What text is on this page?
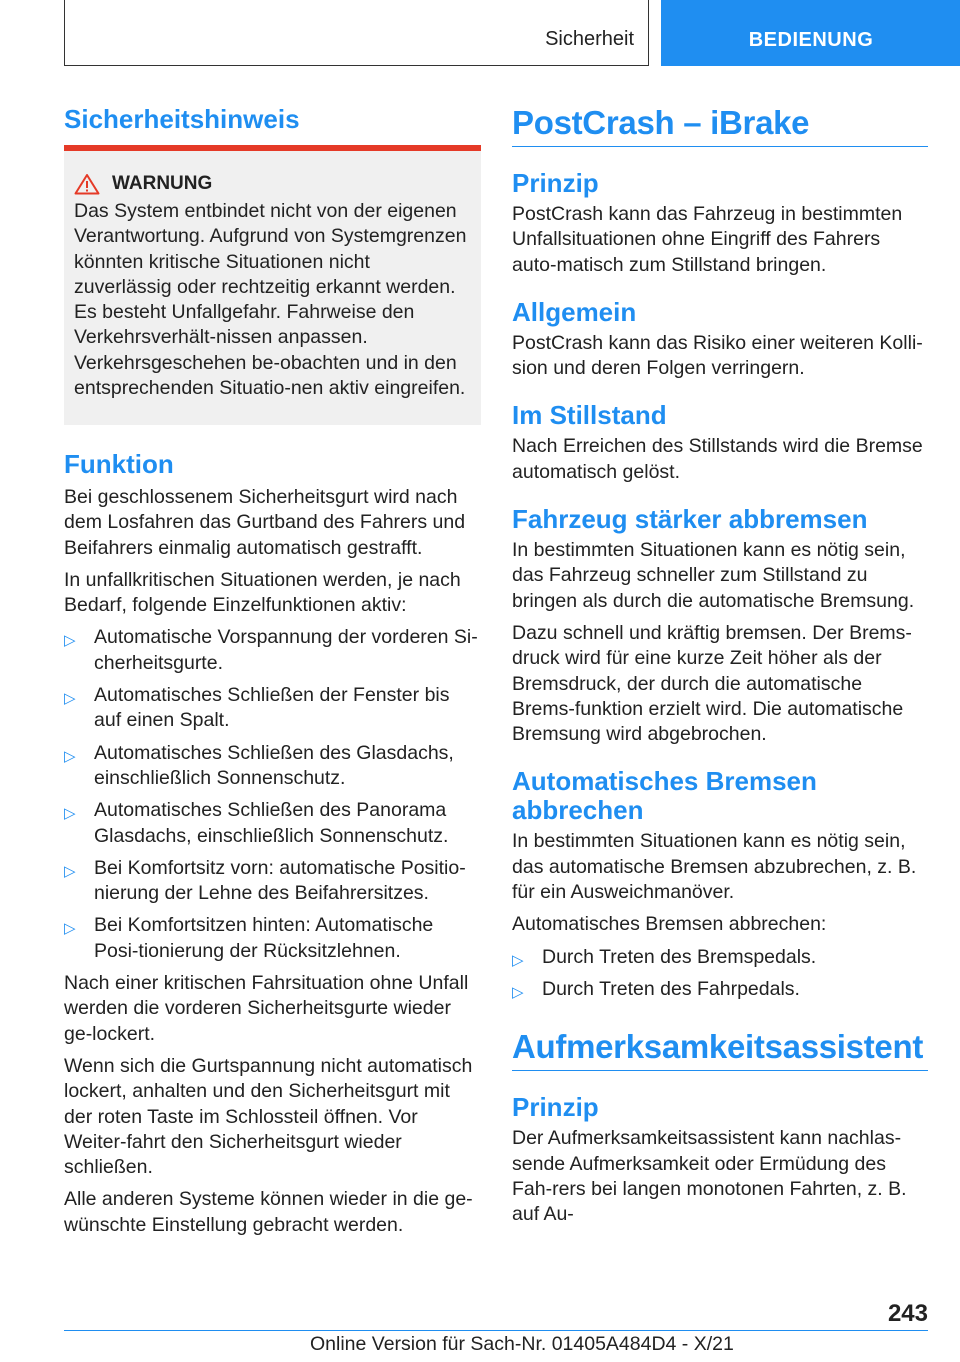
Sicherheit	BEDIENUNG
Sicherheitshinweis
WARNUNG
Das System entbindet nicht von der eigenen Verantwortung. Aufgrund von Systemgrenzen könnten kritische Situationen nicht zuverlässig oder rechtzeitig erkannt werden. Es besteht Unfallgefahr. Fahrweise den Verkehrsverhält-nissen anpassen. Verkehrsgeschehen be-obachten und in den entsprechenden Situatio-nen aktiv eingreifen.
Funktion

Bei geschlossenem Sicherheitsgurt wird nach dem Losfahren das Gurtband des Fahrers und Beifahrers einmalig automatisch gestrafft.

In unfallkritischen Situationen werden, je nach Bedarf, folgende Einzelfunktionen aktiv:

▷ Automatische Vorspannung der vorderen Si-cherheitsgurte.
▷ Automatisches Schließen der Fenster bis auf einen Spalt.
▷ Automatisches Schließen des Glasdachs, einschließlich Sonnenschutz.
▷ Automatisches Schließen des Panorama Glasdachs, einschließlich Sonnenschutz.
▷ Bei Komfortsitz vorn: automatische Positio-nierung der Lehne des Beifahrersitzes.
▷ Bei Komfortsitzen hinten: Automatische Posi-tionierung der Rücksitzlehnen.

Nach einer kritischen Fahrsituation ohne Unfall werden die vorderen Sicherheitsgurte wieder ge-lockert.

Wenn sich die Gurtspannung nicht automatisch lockert, anhalten und den Sicherheitsgurt mit der roten Taste im Schlossteil öffnen. Vor Weiter-fahrt den Sicherheitsgurt wieder schließen.

Alle anderen Systeme können wieder in die ge-wünschte Einstellung gebracht werden.

PostCrash – iBrake
Prinzip

PostCrash kann das Fahrzeug in bestimmten Unfallsituationen ohne Eingriff des Fahrers auto-matisch zum Stillstand bringen.

Allgemein

PostCrash kann das Risiko einer weiteren Kolli-sion und deren Folgen verringern.

Im Stillstand

Nach Erreichen des Stillstands wird die Bremse automatisch gelöst.

Fahrzeug stärker abbremsen

In bestimmten Situationen kann es nötig sein, das Fahrzeug schneller zum Stillstand zu bringen als durch die automatische Bremsung.

Dazu schnell und kräftig bremsen. Der Brems-druck wird für eine kurze Zeit höher als der Bremsdruck, der durch die automatische Brems-funktion erzielt wird. Die automatische Bremsung wird abgebrochen.

Automatisches Bremsen abbrechen

In bestimmten Situationen kann es nötig sein, das automatische Bremsen abzubrechen, z. B. für ein Ausweichmanöver.

Automatisches Bremsen abbrechen:

▷ Durch Treten des Bremspedals.
▷ Durch Treten des Fahrpedals.
Aufmerksamkeitsassistent
Prinzip

Der Aufmerksamkeitsassistent kann nachlas-sende Aufmerksamkeit oder Ermüdung des Fah-rers bei langen monotonen Fahrten, z. B. auf Au-

243
Online Version für Sach-Nr. 01405A484D4 - X/21
